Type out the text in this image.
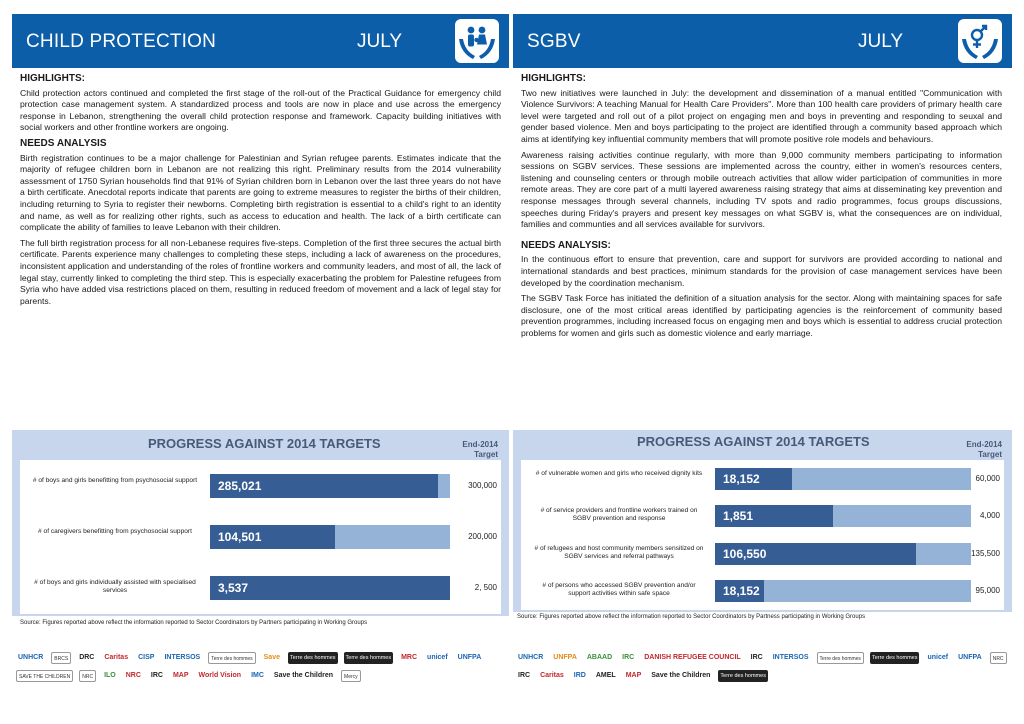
CHILD PROTECTION	JULY
HIGHLIGHTS:

Child protection actors continued and completed the first stage of the roll-out of the Practical Guidance for emergency child protection case management system. A standardized process and tools are now in place and use across the emergency response in Lebanon, strengthening the overall child protection response and framework. Capacity building initiatives with social workers and other frontline workers are ongoing.

NEEDS ANALYSIS

Birth registration continues to be a major challenge for Palestinian and Syrian refugee parents. Estimates indicate that the majority of refugee children born in Lebanon are not realizing this right. Preliminary results from the 2014 vulnerability assessment of 1750 Syrian households find that 91% of Syrian children born in Lebanon over the last three years do not have a birth certificate. Anecdotal reports indicate that parents are going to extreme measures to register the births of their children, including returning to Syria to register their newborns. Completing birth registration is essential to a child's right to an identity and name, as well as for realizing other rights, such as access to education and health. The lack of a birth certificate can complicate the ability of families to leave Lebanon with their children.

The full birth registration process for all non-Lebanese requires five-steps. Completion of the first three secures the actual birth certificate. Parents experience many challenges to completing these steps, including a lack of awareness on the procedures, inconsistent application and understanding of the roles of frontline workers and community leaders, and most of all, the lack of legal stay, currently linked to completing the third step. This is especially exacerbating the problem for Palestine refugees from Syria who have added visa restrictions placed on them, resulting in reduced freedom of movement and a lack of legal stay for parents.

PROGRESS AGAINST 2014 TARGETS	End-2014 Target
# of boys and girls benefitting from psychosocial support 285,021	300,000
# of caregivers benefitting from psychosocial support	104,501	200,000
# of boys and girls individually assisted with specialised services	3,537	2, 500
Source: Figures reported above reflect the information reported to Sector Coordinators by Partners participating in Working Groups
UNHCR	BRCS	DRC Caritas CISP INTERSOS	Terre des hommes	Save	Terre des hommes	Terre des hommes MRC unicef UNFPA
SAVE THE CHILDREN	NRC	ILO NRC IRC MAP World Vision IMC Save the Children	Mercy
SGBV	JULY
HIGHLIGHTS:

Two new initiatives were launched in July: the development and dissemination of a manual entitled "Communication with Violence Survivors: A teaching Manual for Health Care Providers". More than 100 health care providers of primary health care level were targeted and roll out of a pilot project on engaging men and boys in preventing and responding to seuxal and gender based violence. Men and boys participating to the project are identified through a community based approach which aims at identifying key influential community members that will promote positive role models and behaviours.

Awareness raising activities continue regularly, with more than 9,000 community members participating to information sessions on SGBV services. These sessions are implemented across the country, either in women's resources centers, listening and counseling centers or through mobile outreach activities that allow wider participation of communities in more remote areas. They are core part of a multi layered awareness raising strategy that aims at disseminating key prevention and response messages through several channels, including TV spots and radio programmes, focus groups discussions, speeches during Friday's prayers and present key messages on what SGBV is, what the consequences are on individual, families and communties and all services available for survivors.

NEEDS ANALYSIS:

In the continuous effort to ensure that prevention, care and support for survivors are provided according to national and international standards and best practices, minimum standards for the provision of case management services have been developed by the coordination mechanism.

The SGBV Task Force has initiated the definition of a situation analysis for the sector. Along with maintaining spaces for safe disclosure, one of the most critical areas identified by participating agencies is the reinforcement of community based prevention programmes, including increased focus on engaging men and boys which is essential to address crucial protection problems for women and girls such as domestic violence and early marriage.

PROGRESS AGAINST 2014 TARGETS	End-2014 Target
# of vulnerable women and girls who received dignity kits	18,152	60,000
# of service providers and frontline workers trained on SGBV prevention and response	1,851	4,000
# of refugees and host community members sensitized on SGBV services and referral pathways	106,550	135,500
# of persons who accessed SGBV prevention and/or support activities within safe space	18,152	95,000
Source: Figures reported above reflect the information reported to Sector Coordinators by Partness participating in Working Groups
UNHCR UNFPA ABAAD IRC DANISH REFUGEE COUNCIL IRC INTERSOS	Terre des hommes	Terre des hommes unicef UNFPA	NRC
IRC Caritas IRD AMEL MAP Save the Children	Terre des hommes
